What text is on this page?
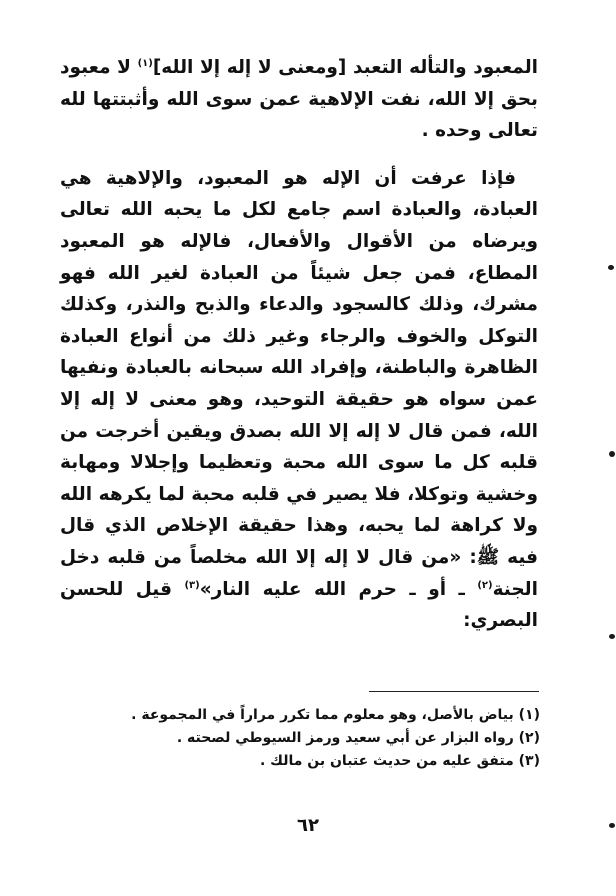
المعبود والتأله التعبد [ومعنى لا إله إلا الله]$^{(١)}$ لا معبود بحق إلا الله، نفت الإلاهية عمن سوى الله وأثبتتها لله تعالى وحده .

فإذا عرفت أن الإله هو المعبود، والإلاهية هي العبادة، والعبادة اسم جامع لكل ما يحبه الله تعالى ويرضاه من الأقوال والأفعال، فالإله هو المعبود المطاع، فمن جعل شيئاً من العبادة لغير الله فهو مشرك، وذلك كالسجود والدعاء والذبح والنذر، وكذلك التوكل والخوف والرجاء وغير ذلك من أنواع العبادة الظاهرة والباطنة، وإفراد الله سبحانه بالعبادة ونفيها عمن سواه هو حقيقة التوحيد، وهو معنى لا إله إلا الله، فمن قال لا إله إلا الله بصدق ويقين أخرجت من قلبه كل ما سوى الله محبة وتعظيما وإجلالا ومهابة وخشية وتوكلا، فلا يصير في قلبه محبة لما يكرهه الله ولا كراهة لما يحبه، وهذا حقيقة الإخلاص الذي قال فيه ﷺ: «من قال لا إله إلا الله مخلصاً من قلبه دخل الجنة$^{(٢)}$ ـ أو ـ حرم الله عليه النار»$^{(٣)}$ قيل للحسن البصري:

(١) بياض بالأصل، وهو معلوم مما تكرر مراراً في المجموعة .

(٢) رواه البزار عن أبي سعيد ورمز السيوطي لصحته .

(٣) متفق عليه من حديث عتبان بن مالك .

٦٢
